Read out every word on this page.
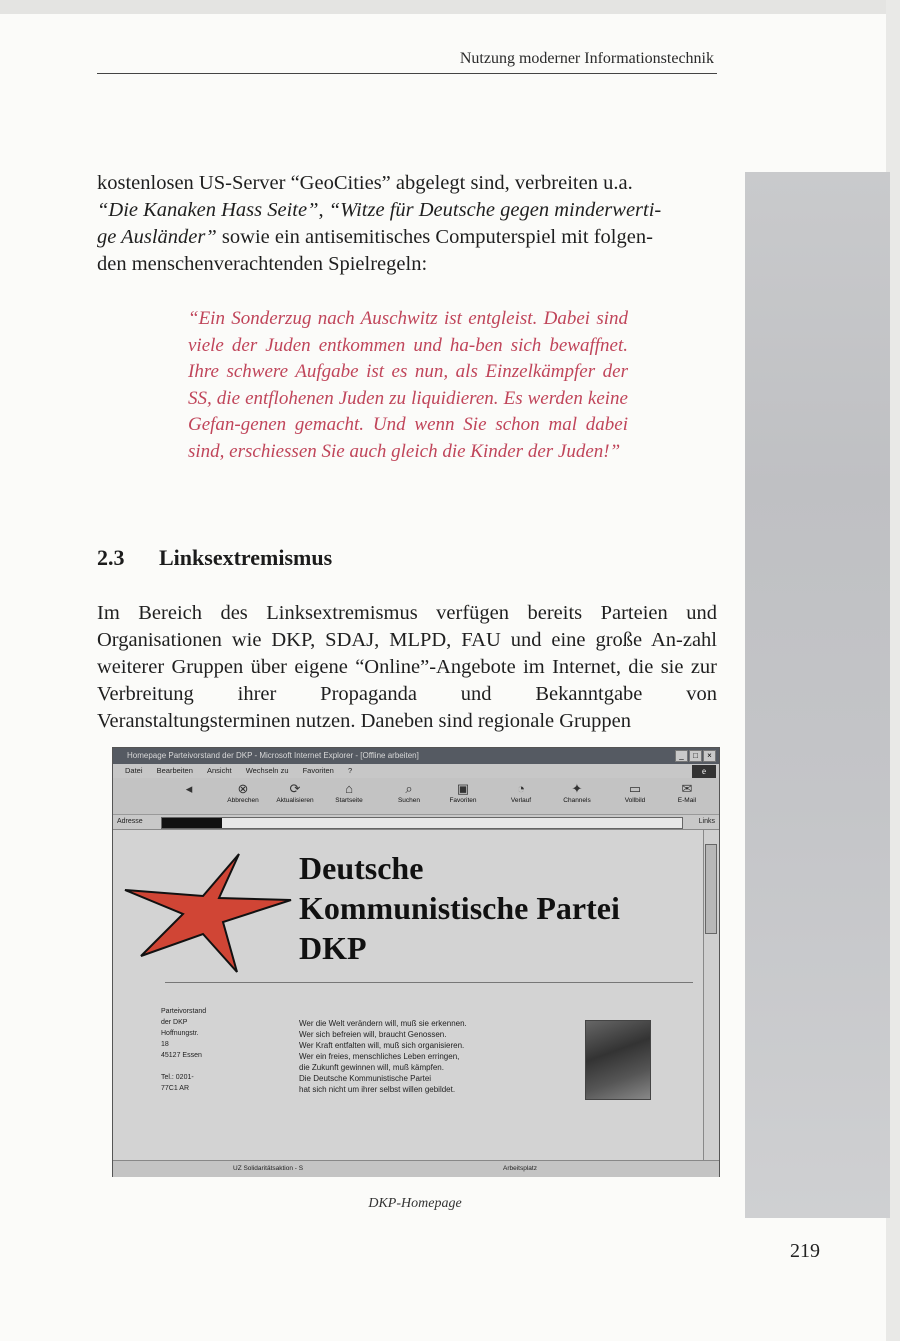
Nutzung moderner Informationstechnik
kostenlosen US-Server “GeoCities” abgelegt sind, verbreiten u.a.
“Die Kanaken Hass Seite”, “Witze für Deutsche gegen minderwerti-
ge Ausländer” sowie ein antisemitisches Computerspiel mit folgen-
den menschenverachtenden Spielregeln:
“Ein Sonderzug nach Auschwitz ist entgleist. Dabei sind viele der Juden entkommen und ha-ben sich bewaffnet. Ihre schwere Aufgabe ist es nun, als Einzelkämpfer der SS, die entflohenen Juden zu liquidieren. Es werden keine Gefan-genen gemacht. Und wenn Sie schon mal dabei sind, erschiessen Sie auch gleich die Kinder der Juden!”
2.3 Linksextremismus
Im Bereich des Linksextremismus verfügen bereits Parteien und Organisationen wie DKP, SDAJ, MLPD, FAU und eine große An-zahl weiterer Gruppen über eigene “Online”-Angebote im Internet, die sie zur Verbreitung ihrer Propaganda und Bekanntgabe von Veranstaltungsterminen nutzen. Daneben sind regionale Gruppen
Homepage Parteivorstand der DKP - Microsoft Internet Explorer - [Offline arbeiten]	_	□	×
Datei Bearbeiten Ansicht Wechseln zu Favoriten ?	e
◂	⊗
Abbrechen
⟳
Aktualisieren
⌂
Startseite
⌕
Suchen
▣
Favoriten
◔
Verlauf
✦
Channels
▭
Vollbild
✉
E-Mail
Adresse	Links
Deutsche
Kommunistische Partei
DKP
Parteivorstand
der DKP
Hoffnungstr.
18
45127 Essen

Tel.: 0201-
77C1 AR
Wer die Welt verändern will, muß sie erkennen.
Wer sich befreien will, braucht Genossen.
Wer Kraft entfalten will, muß sich organisieren.
Wer ein freies, menschliches Leben erringen,
die Zukunft gewinnen will, muß kämpfen.
Die Deutsche Kommunistische Partei
hat sich nicht um ihrer selbst willen gebildet.
UZ Solidaritätsaktion - S	Arbeitsplatz
DKP-Homepage
219
